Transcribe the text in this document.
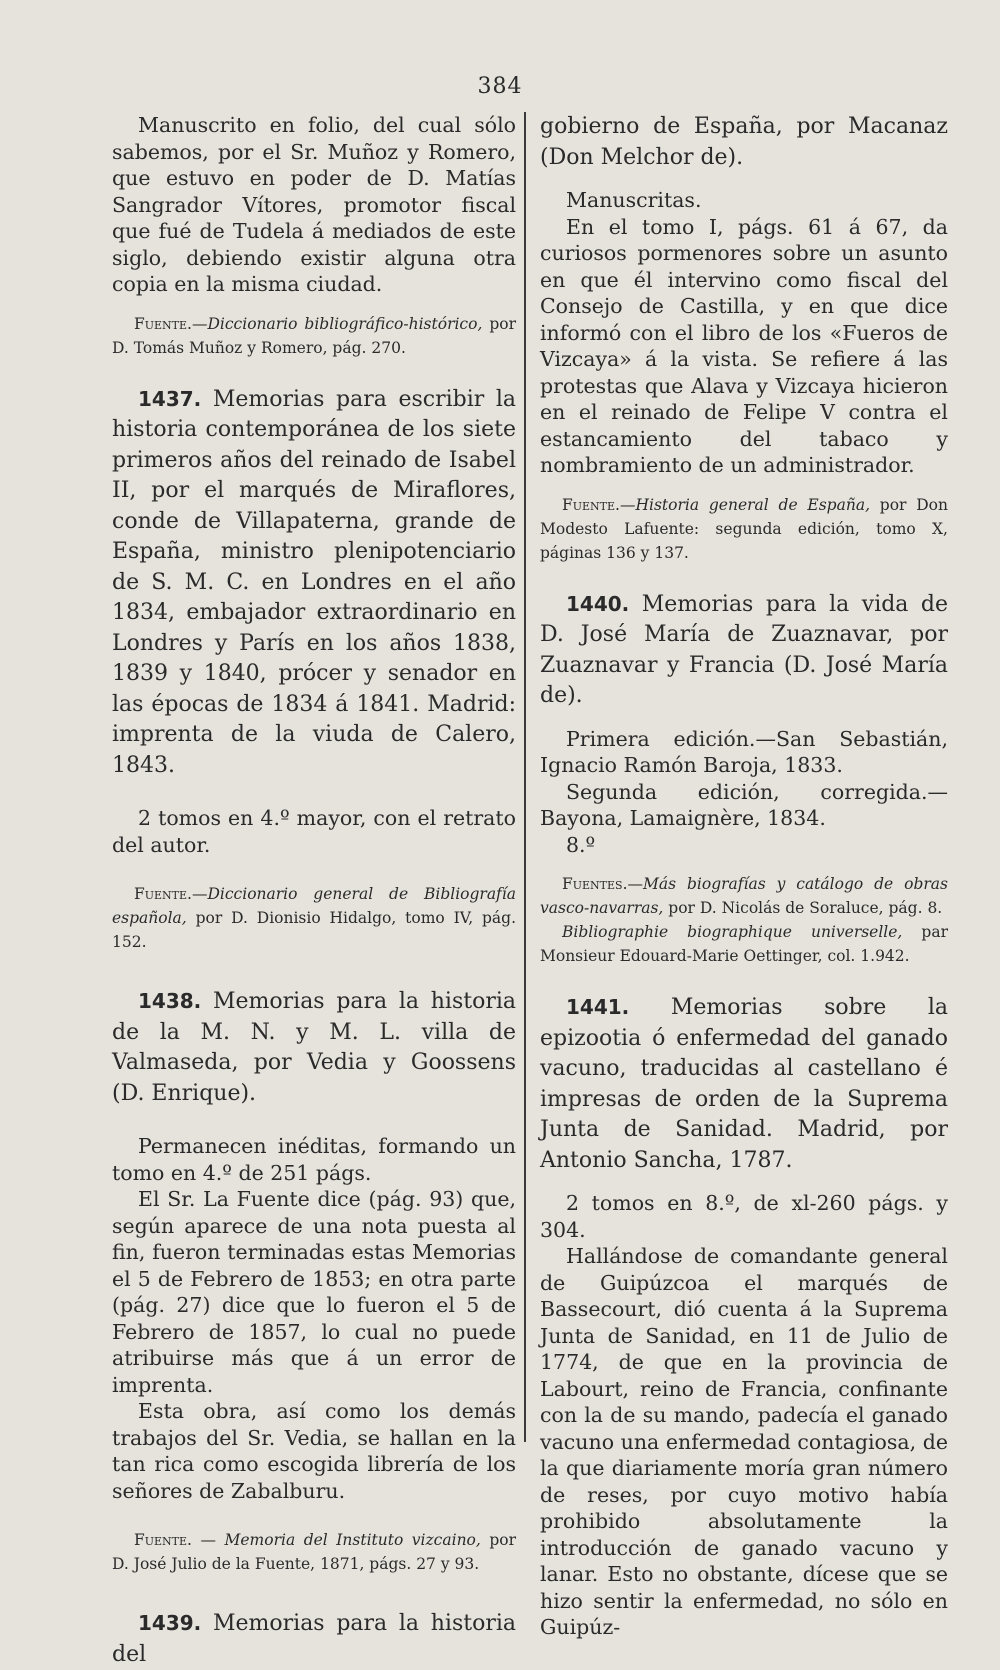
384

Manuscrito en folio, del cual sólo sabemos, por el Sr. Muñoz y Romero, que estuvo en poder de D. Matías Sangrador Vítores, promotor fiscal que fué de Tudela á mediados de este siglo, debiendo existir alguna otra copia en la misma ciudad.

Fuente.—Diccionario bibliográfico-histórico, por D. Tomás Muñoz y Romero, pág. 270.

1437. Memorias para escribir la historia contemporánea de los siete primeros años del reinado de Isabel II, por el marqués de Miraflores, conde de Villapaterna, grande de España, ministro plenipotenciario de S. M. C. en Londres en el año 1834, embajador extraordinario en Londres y París en los años 1838, 1839 y 1840, prócer y senador en las épocas de 1834 á 1841. Madrid: imprenta de la viuda de Calero, 1843.

2 tomos en 4.º mayor, con el retrato del autor.

Fuente.—Diccionario general de Bibliografía española, por D. Dionisio Hidalgo, tomo IV, pág. 152.

1438. Memorias para la historia de la M. N. y M. L. villa de Valmaseda, por Vedia y Goossens (D. Enrique).

Permanecen inéditas, formando un tomo en 4.º de 251 págs.

El Sr. La Fuente dice (pág. 93) que, según aparece de una nota puesta al fin, fueron terminadas estas Memorias el 5 de Febrero de 1853; en otra parte (pág. 27) dice que lo fueron el 5 de Febrero de 1857, lo cual no puede atribuirse más que á un error de imprenta.

Esta obra, así como los demás trabajos del Sr. Vedia, se hallan en la tan rica como escogida librería de los señores de Zabalburu.

Fuente. — Memoria del Instituto vizcaino, por D. José Julio de la Fuente, 1871, págs. 27 y 93.

1439. Memorias para la historia del

gobierno de España, por Macanaz (Don Melchor de).

Manuscritas.

En el tomo I, págs. 61 á 67, da curiosos pormenores sobre un asunto en que él intervino como fiscal del Consejo de Castilla, y en que dice informó con el libro de los «Fueros de Vizcaya» á la vista. Se refiere á las protestas que Alava y Vizcaya hicieron en el reinado de Felipe V contra el estancamiento del tabaco y nombramiento de un administrador.

Fuente.—Historia general de España, por Don Modesto Lafuente: segunda edición, tomo X, páginas 136 y 137.

1440. Memorias para la vida de D. José María de Zuaznavar, por Zuaznavar y Francia (D. José María de).

Primera edición.—San Sebastián, Ignacio Ramón Baroja, 1833.

Segunda edición, corregida.—Bayona, Lamaignère, 1834.

8.º

Fuentes.—Más biografías y catálogo de obras vasco-navarras, por D. Nicolás de Soraluce, pág. 8.

Bibliographie biographique universelle, par Monsieur Edouard-Marie Oettinger, col. 1.942.

1441. Memorias sobre la epizootia ó enfermedad del ganado vacuno, traducidas al castellano é impresas de orden de la Suprema Junta de Sanidad. Madrid, por Antonio Sancha, 1787.

2 tomos en 8.º, de xl-260 págs. y 304.

Hallándose de comandante general de Guipúzcoa el marqués de Bassecourt, dió cuenta á la Suprema Junta de Sanidad, en 11 de Julio de 1774, de que en la provincia de Labourt, reino de Francia, confinante con la de su mando, padecía el ganado vacuno una enfermedad contagiosa, de la que diariamente moría gran número de reses, por cuyo motivo había prohibido absolutamente la introducción de ganado vacuno y lanar. Esto no obstante, dícese que se hizo sentir la enfermedad, no sólo en Guipúz-
